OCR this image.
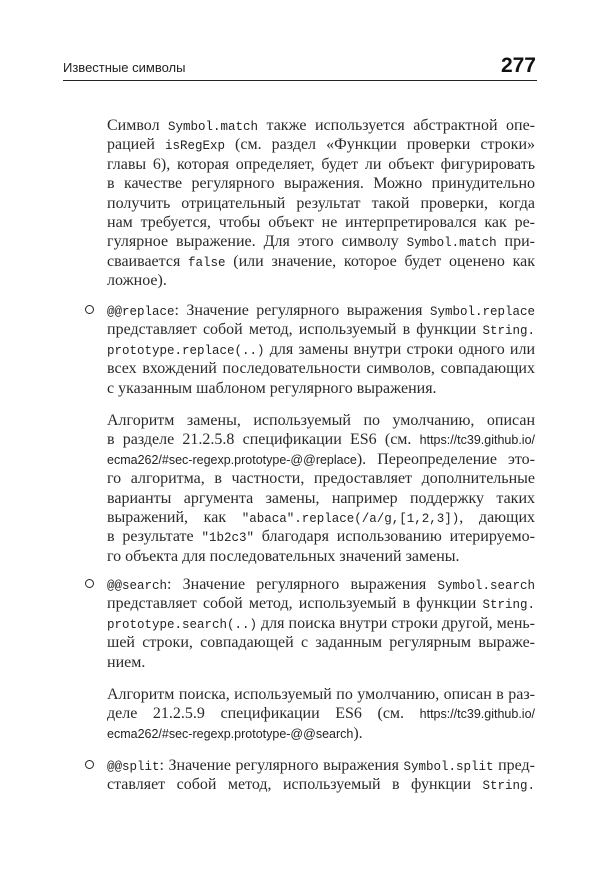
Известные символы	277
Символ Symbol.match также используется абстрактной опе-
рацией isRegExp (см. раздел «Функции проверки строки»
главы 6), которая определяет, будет ли объект фигурировать
в качестве регулярного выражения. Можно принудительно
получить отрицательный результат такой проверки, когда
нам требуется, чтобы объект не интерпретировался как ре-
гулярное выражение. Для этого символу Symbol.match при-
сваивается false (или значение, которое будет оценено как
ложное).
@@replace: Значение регулярного выражения Symbol.replace
представляет собой метод, используемый в функции String.
prototype.replace(..) для замены внутри строки одного или
всех вхождений последовательности символов, совпадающих
с указанным шаблоном регулярного выражения.
Алгоритм замены, используемый по умолчанию, описан
в разделе 21.2.5.8 спецификации ES6 (см. https://tc39.github.io/
ecma262/#sec-regexp.prototype-@@replace). Переопределение это-
го алгоритма, в частности, предоставляет дополнительные
варианты аргумента замены, например поддержку таких
выражений, как "abaca".replace(/a/g,[1,2,3]), дающих
в результате "1b2c3" благодаря использованию итерируемо-
го объекта для последовательных значений замены.
@@search: Значение регулярного выражения Symbol.search
представляет собой метод, используемый в функции String.
prototype.search(..) для поиска внутри строки другой, мень-
шей строки, совпадающей с заданным регулярным выраже-
нием.
Алгоритм поиска, используемый по умолчанию, описан в раз-
деле 21.2.5.9 спецификации ES6 (см. https://tc39.github.io/
ecma262/#sec-regexp.prototype-@@search).
@@split: Значение регулярного выражения Symbol.split пред-
ставляет собой метод, используемый в функции String.
